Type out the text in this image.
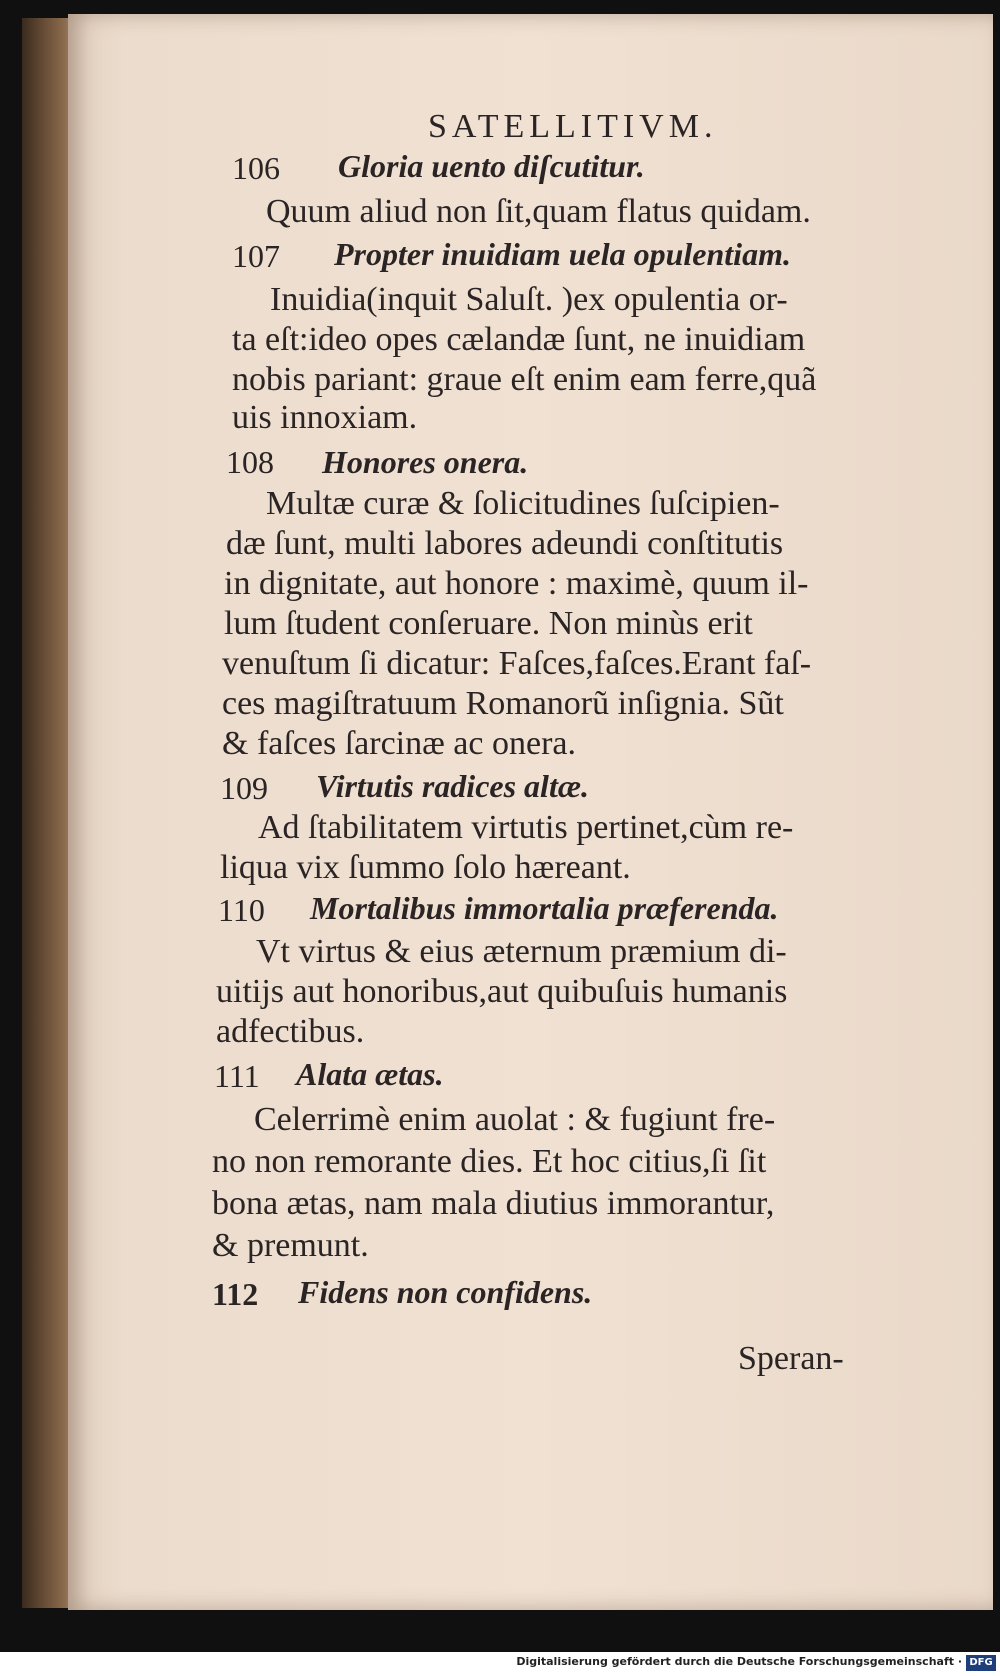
SATELLITIVM.
106 Gloria uento diſcutitur.
Quum aliud non ſit,quam flatus quidam.
107 Propter inuidiam uela opulentiam.
Inuidia(inquit Saluſt. )ex opulentia or-
ta eſt:ideo opes cælandæ ſunt, ne inuidiam
nobis pariant: graue eſt enim eam ferre,quã
uis innoxiam.
108 Honores onera.
Multæ curæ & ſolicitudines ſuſcipien-
dæ ſunt, multi labores adeundi conſtitutis
in dignitate, aut honore : maximè, quum il-
lum ſtudent conſeruare. Non minùs erit
venuſtum ſi dicatur: Faſces,faſces.Erant faſ-
ces magiſtratuum Romanorũ inſignia. Sũt
& faſces ſarcinæ ac onera.
109 Virtutis radices altæ.
Ad ſtabilitatem virtutis pertinet,cùm re-
liqua vix ſummo ſolo hæreant.
110 Mortalibus immortalia præferenda.
Vt virtus & eius æternum præmium di-
uitijs aut honoribus,aut quibuſuis humanis
adfectibus.
111 Alata ætas.
Celerrimè enim auolat : & fugiunt fre-
no non remorante dies. Et hoc citius,ſi ſit
bona ætas, nam mala diutius immorantur,
& premunt.
112 Fidens non confidens.
Speran-
Digitalisierung gefördert durch die Deutsche Forschungsgemeinschaft · DFG
